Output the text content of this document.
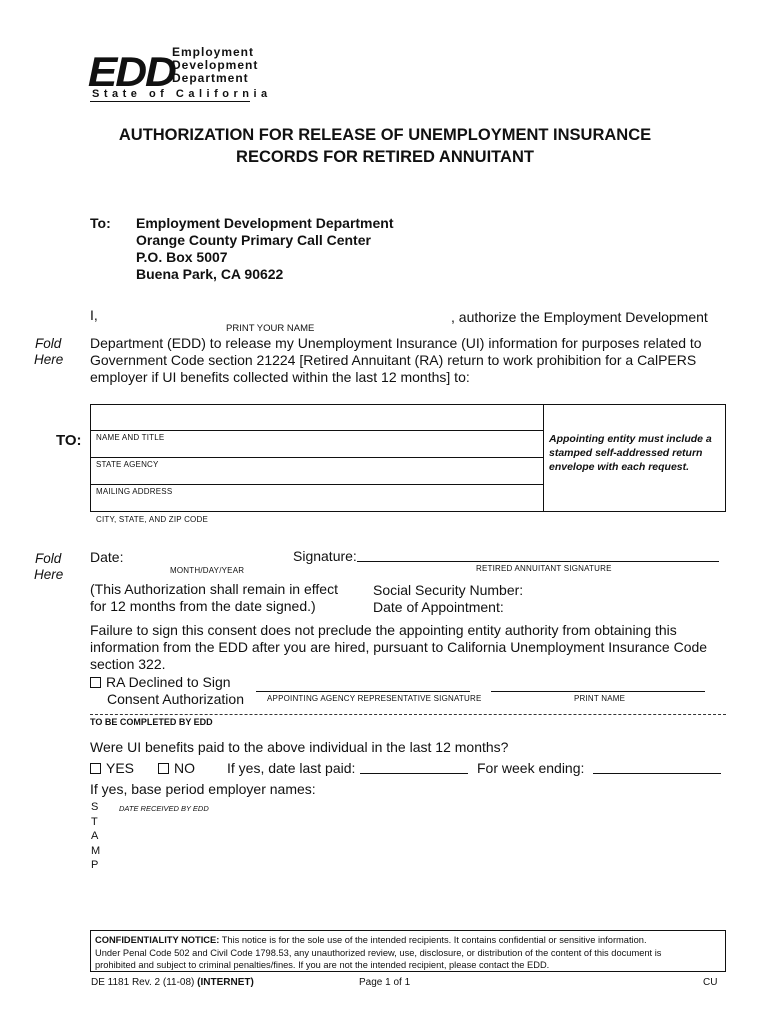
EDD
Employment
Development
Department
State of California
AUTHORIZATION FOR RELEASE OF UNEMPLOYMENT INSURANCE
RECORDS FOR RETIRED ANNUITANT
To: Employment Development Department
Orange County Primary Call Center
P.O. Box 5007
Buena Park, CA 90622
I,	, authorize the Employment Development
PRINT YOUR NAME
Fold
Here
Department (EDD) to release my Unemployment Insurance (UI) information for purposes related to
Government Code section 21224 [Retired Annuitant (RA) return to work prohibition for a CalPERS
employer if UI benefits collected within the last 12 months] to:
TO: NAME AND TITLE
STATE AGENCY
MAILING ADDRESS
CITY, STATE, AND ZIP CODE
Appointing entity must include a stamped self-addressed return envelope with each request.
Fold
Here
Date:
MONTH/DAY/YEAR
Signature:
RETIRED ANNUITANT SIGNATURE
(This Authorization shall remain in effect
for 12 months from the date signed.)
Social Security Number:
Date of Appointment:
Failure to sign this consent does not preclude the appointing entity authority from obtaining this
information from the EDD after you are hired, pursuant to California Unemployment Insurance Code
section 322.
RA Declined to Sign
Consent Authorization	APPOINTING AGENCY REPRESENTATIVE SIGNATURE	PRINT NAME
TO BE COMPLETED BY EDD
Were UI benefits paid to the above individual in the last 12 months?
YES	NO If yes, date last paid:	For week ending:
If yes, base period employer names:
S
T
A
M
P
DATE RECEIVED BY EDD
CONFIDENTIALITY NOTICE: This notice is for the sole use of the intended recipients. It contains confidential or sensitive information.
Under Penal Code 502 and Civil Code 1798.53, any unauthorized review, use, disclosure, or distribution of the content of this document is
prohibited and subject to criminal penalties/fines. If you are not the intended recipient, please contact the EDD.
DE 1181 Rev. 2 (11-08) (INTERNET)	Page 1 of 1	CU
